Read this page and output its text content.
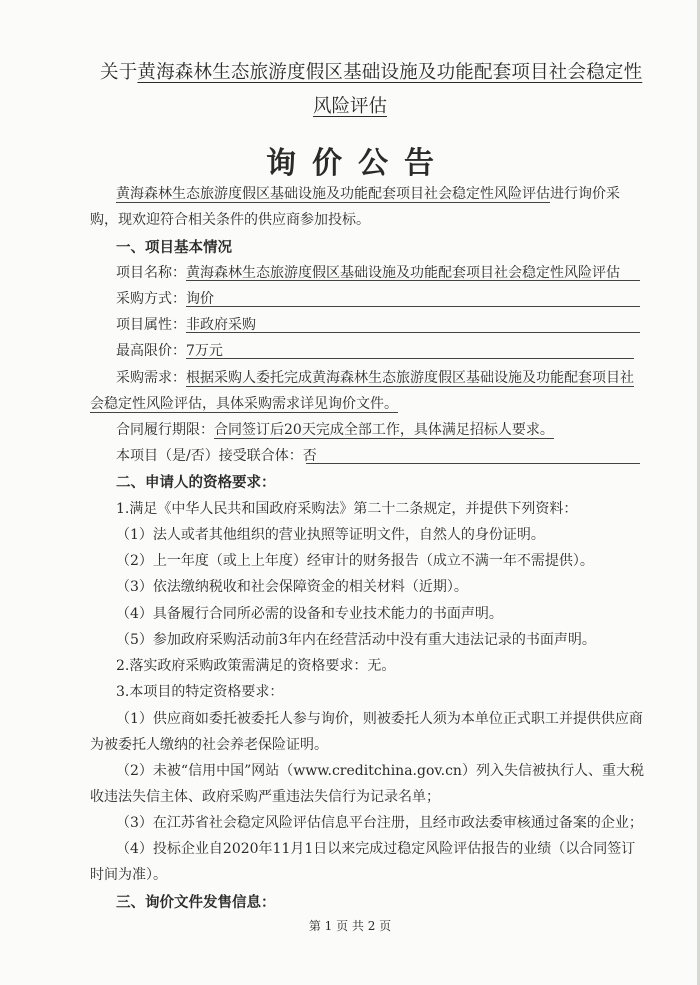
关于黄海森林生态旅游度假区基础设施及功能配套项目社会稳定性
风险评估
询价公告
黄海森林生态旅游度假区基础设施及功能配套项目社会稳定性风险评估进行询价采
购，现欢迎符合相关条件的供应商参加投标。
一、项目基本情况
项目名称：黄海森林生态旅游度假区基础设施及功能配套项目社会稳定性风险评估
采购方式：询价
项目属性：非政府采购
最高限价：7万元
采购需求：根据采购人委托完成黄海森林生态旅游度假区基础设施及功能配套项目社
会稳定性风险评估，具体采购需求详见询价文件。
合同履行期限：合同签订后20天完成全部工作，具体满足招标人要求。
本项目（是/否）接受联合体：否
二、申请人的资格要求：
1.满足《中华人民共和国政府采购法》第二十二条规定，并提供下列资料：
（1）法人或者其他组织的营业执照等证明文件，自然人的身份证明。
（2）上一年度（或上上年度）经审计的财务报告（成立不满一年不需提供）。
（3）依法缴纳税收和社会保障资金的相关材料（近期）。
（4）具备履行合同所必需的设备和专业技术能力的书面声明。
（5）参加政府采购活动前3年内在经营活动中没有重大违法记录的书面声明。
2.落实政府采购政策需满足的资格要求：无。
3.本项目的特定资格要求：
（1）供应商如委托被委托人参与询价，则被委托人须为本单位正式职工并提供供应商
为被委托人缴纳的社会养老保险证明。
（2）未被“信用中国”网站（www.creditchina.gov.cn）列入失信被执行人、重大税
收违法失信主体、政府采购严重违法失信行为记录名单；
（3）在江苏省社会稳定风险评估信息平台注册，且经市政法委审核通过备案的企业；
（4）投标企业自2020年11月1日以来完成过稳定风险评估报告的业绩（以合同签订
时间为准）。
三、询价文件发售信息：
第 1 页 共 2 页
